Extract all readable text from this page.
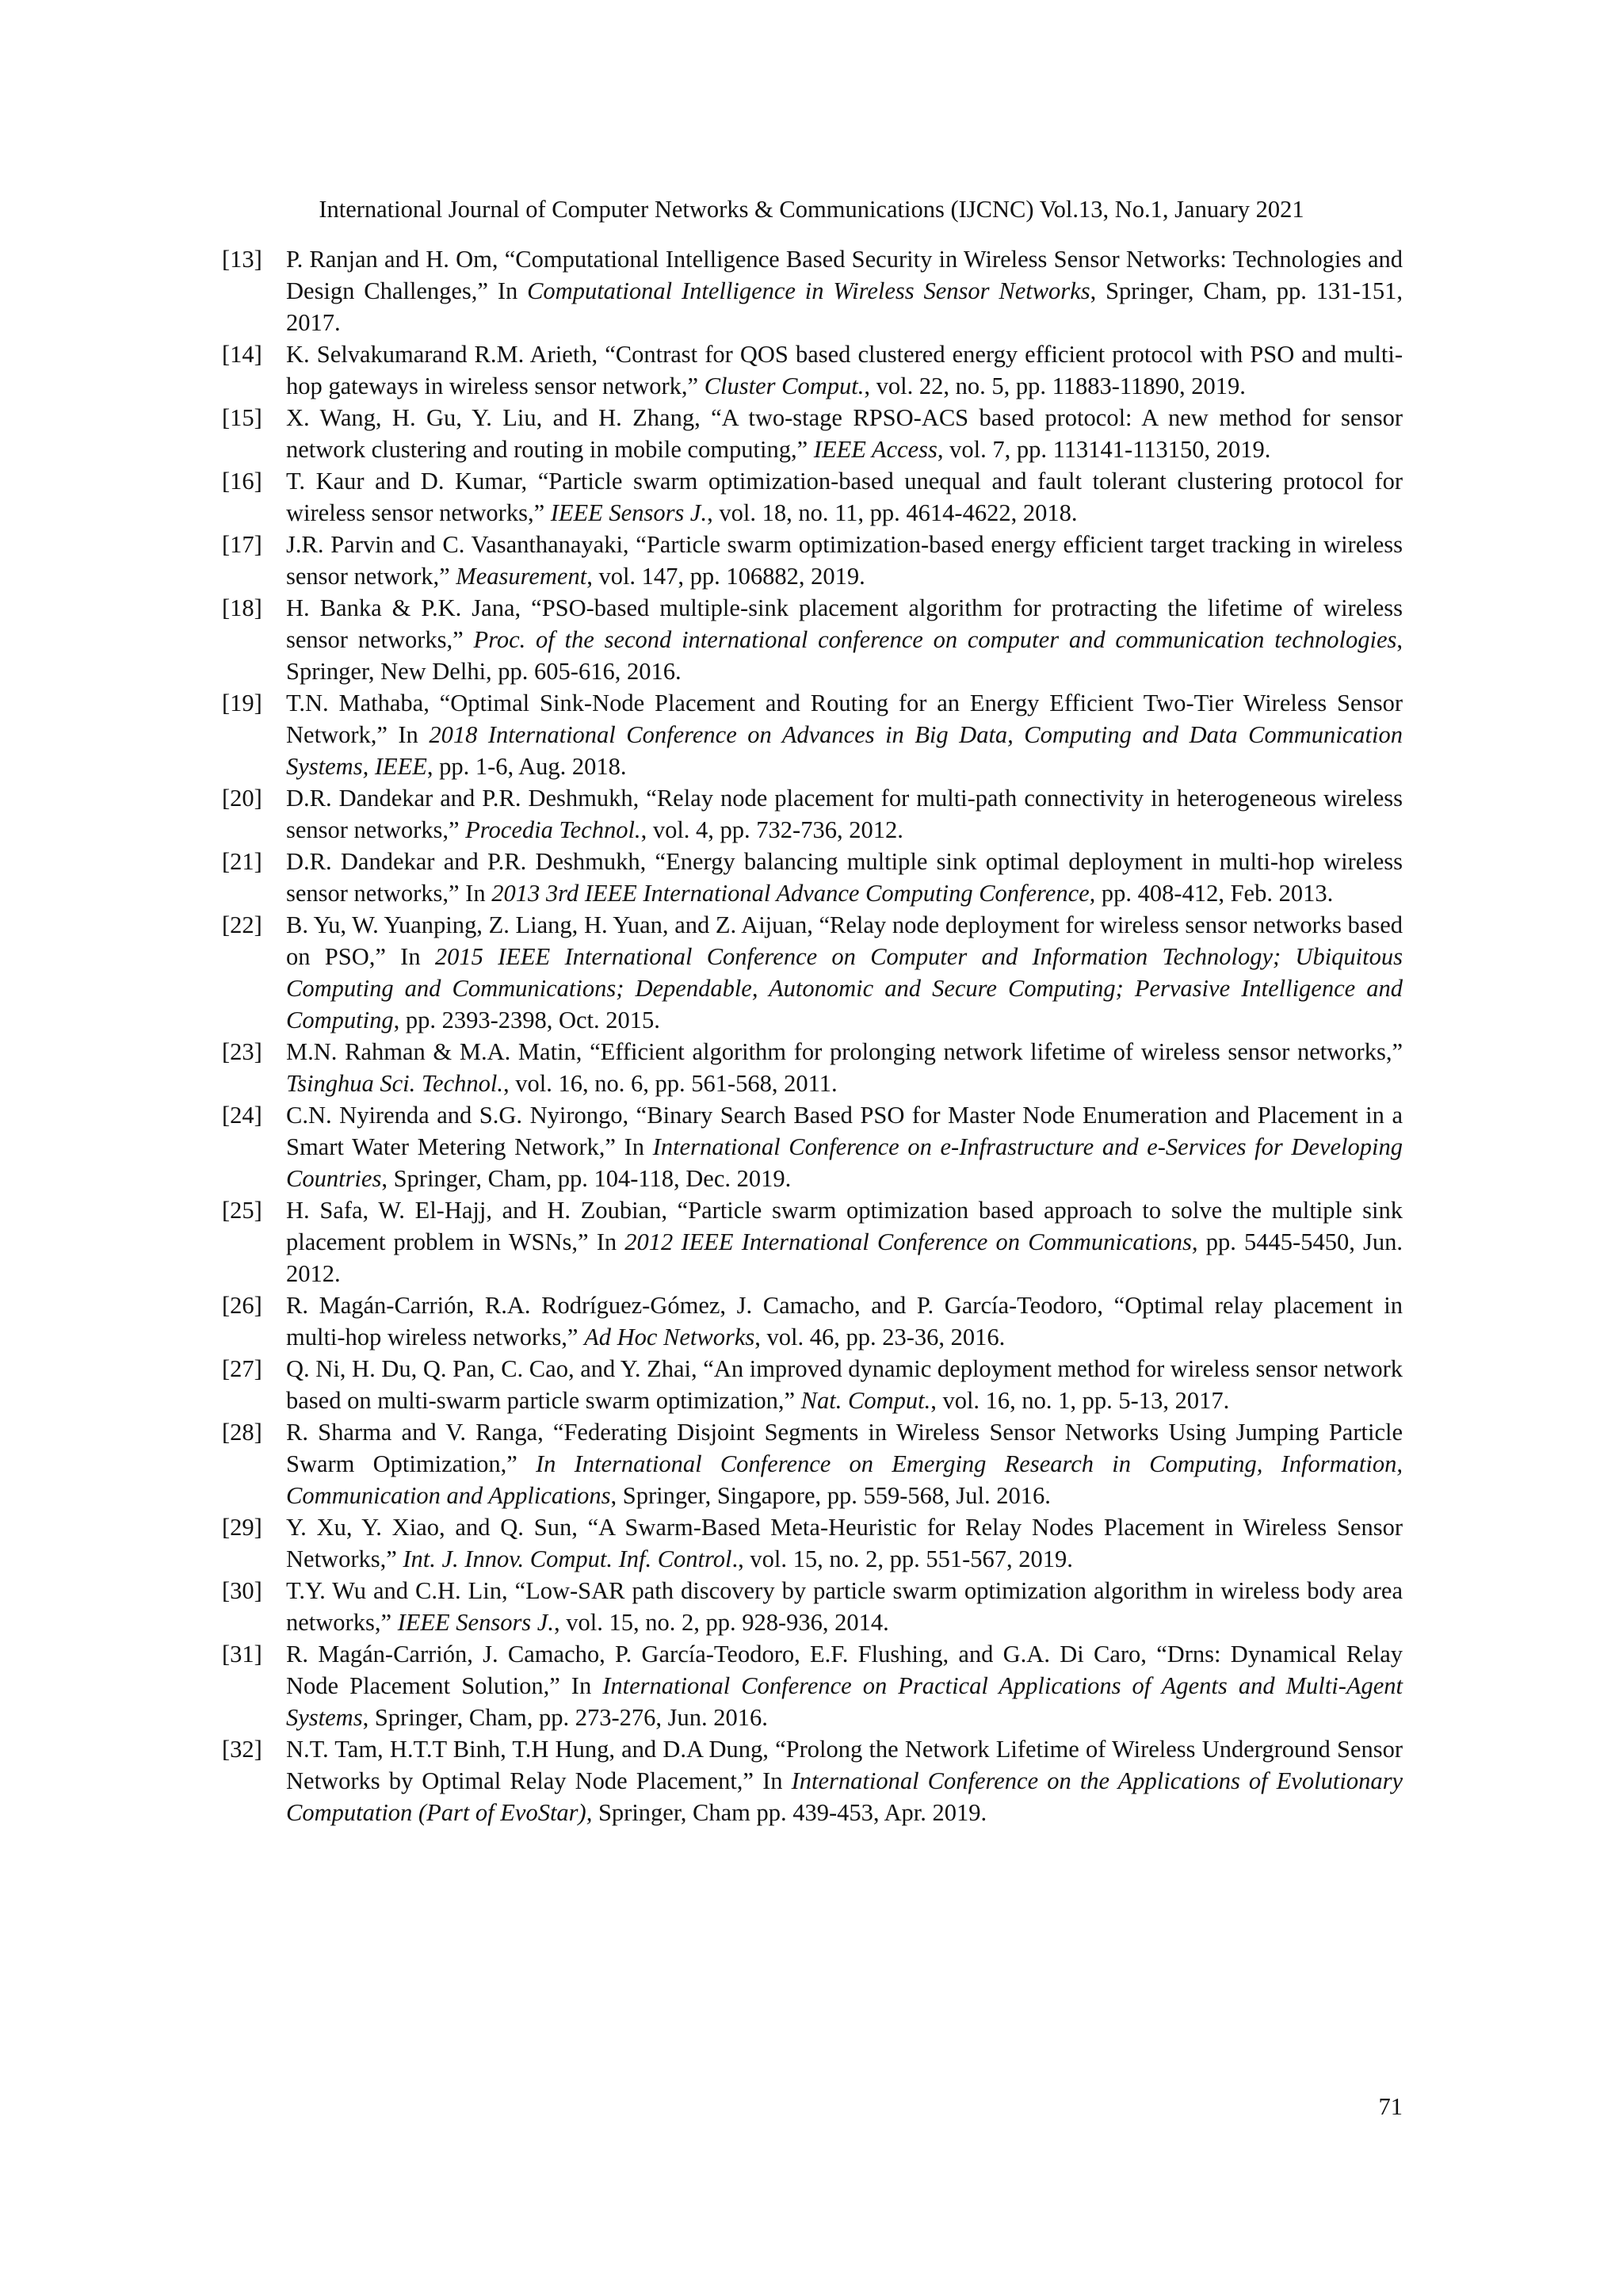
International Journal of Computer Networks & Communications (IJCNC) Vol.13, No.1, January 2021

[13] P. Ranjan and H. Om, “Computational Intelligence Based Security in Wireless Sensor Networks: Technologies and Design Challenges,” In Computational Intelligence in Wireless Sensor Networks, Springer, Cham, pp. 131-151, 2017.

[14] K. Selvakumarand R.M. Arieth, “Contrast for QOS based clustered energy efficient protocol with PSO and multi-hop gateways in wireless sensor network,” Cluster Comput., vol. 22, no. 5, pp. 11883-11890, 2019.

[15] X. Wang, H. Gu, Y. Liu, and H. Zhang, “A two-stage RPSO-ACS based protocol: A new method for sensor network clustering and routing in mobile computing,” IEEE Access, vol. 7, pp. 113141-113150, 2019.

[16] T. Kaur and D. Kumar, “Particle swarm optimization-based unequal and fault tolerant clustering protocol for wireless sensor networks,” IEEE Sensors J., vol. 18, no. 11, pp. 4614-4622, 2018.

[17] J.R. Parvin and C. Vasanthanayaki, “Particle swarm optimization-based energy efficient target tracking in wireless sensor network,” Measurement, vol. 147, pp. 106882, 2019.

[18] H. Banka & P.K. Jana, “PSO-based multiple-sink placement algorithm for protracting the lifetime of wireless sensor networks,” Proc. of the second international conference on computer and communication technologies, Springer, New Delhi, pp. 605-616, 2016.

[19] T.N. Mathaba, “Optimal Sink-Node Placement and Routing for an Energy Efficient Two-Tier Wireless Sensor Network,” In 2018 International Conference on Advances in Big Data, Computing and Data Communication Systems, IEEE, pp. 1-6, Aug. 2018.

[20] D.R. Dandekar and P.R. Deshmukh, “Relay node placement for multi-path connectivity in heterogeneous wireless sensor networks,” Procedia Technol., vol. 4, pp. 732-736, 2012.

[21] D.R. Dandekar and P.R. Deshmukh, “Energy balancing multiple sink optimal deployment in multi-hop wireless sensor networks,” In 2013 3rd IEEE International Advance Computing Conference, pp. 408-412, Feb. 2013.

[22] B. Yu, W. Yuanping, Z. Liang, H. Yuan, and Z. Aijuan, “Relay node deployment for wireless sensor networks based on PSO,” In 2015 IEEE International Conference on Computer and Information Technology; Ubiquitous Computing and Communications; Dependable, Autonomic and Secure Computing; Pervasive Intelligence and Computing, pp. 2393-2398, Oct. 2015.

[23] M.N. Rahman & M.A. Matin, “Efficient algorithm for prolonging network lifetime of wireless sensor networks,” Tsinghua Sci. Technol., vol. 16, no. 6, pp. 561-568, 2011.

[24] C.N. Nyirenda and S.G. Nyirongo, “Binary Search Based PSO for Master Node Enumeration and Placement in a Smart Water Metering Network,” In International Conference on e-Infrastructure and e-Services for Developing Countries, Springer, Cham, pp. 104-118, Dec. 2019.

[25] H. Safa, W. El-Hajj, and H. Zoubian, “Particle swarm optimization based approach to solve the multiple sink placement problem in WSNs,” In 2012 IEEE International Conference on Communications, pp. 5445-5450, Jun. 2012.

[26] R. Magán-Carrión, R.A. Rodríguez-Gómez, J. Camacho, and P. García-Teodoro, “Optimal relay placement in multi-hop wireless networks,” Ad Hoc Networks, vol. 46, pp. 23-36, 2016.

[27] Q. Ni, H. Du, Q. Pan, C. Cao, and Y. Zhai, “An improved dynamic deployment method for wireless sensor network based on multi-swarm particle swarm optimization,” Nat. Comput., vol. 16, no. 1, pp. 5-13, 2017.

[28] R. Sharma and V. Ranga, “Federating Disjoint Segments in Wireless Sensor Networks Using Jumping Particle Swarm Optimization,” In International Conference on Emerging Research in Computing, Information, Communication and Applications, Springer, Singapore, pp. 559-568, Jul. 2016.

[29] Y. Xu, Y. Xiao, and Q. Sun, “A Swarm-Based Meta-Heuristic for Relay Nodes Placement in Wireless Sensor Networks,” Int. J. Innov. Comput. Inf. Control., vol. 15, no. 2, pp. 551-567, 2019.

[30] T.Y. Wu and C.H. Lin, “Low-SAR path discovery by particle swarm optimization algorithm in wireless body area networks,” IEEE Sensors J., vol. 15, no. 2, pp. 928-936, 2014.

[31] R. Magán-Carrión, J. Camacho, P. García-Teodoro, E.F. Flushing, and G.A. Di Caro, “Drns: Dynamical Relay Node Placement Solution,” In International Conference on Practical Applications of Agents and Multi-Agent Systems, Springer, Cham, pp. 273-276, Jun. 2016.

[32] N.T. Tam, H.T.T Binh, T.H Hung, and D.A Dung, “Prolong the Network Lifetime of Wireless Underground Sensor Networks by Optimal Relay Node Placement,” In International Conference on the Applications of Evolutionary Computation (Part of EvoStar), Springer, Cham pp. 439-453, Apr. 2019.

71
